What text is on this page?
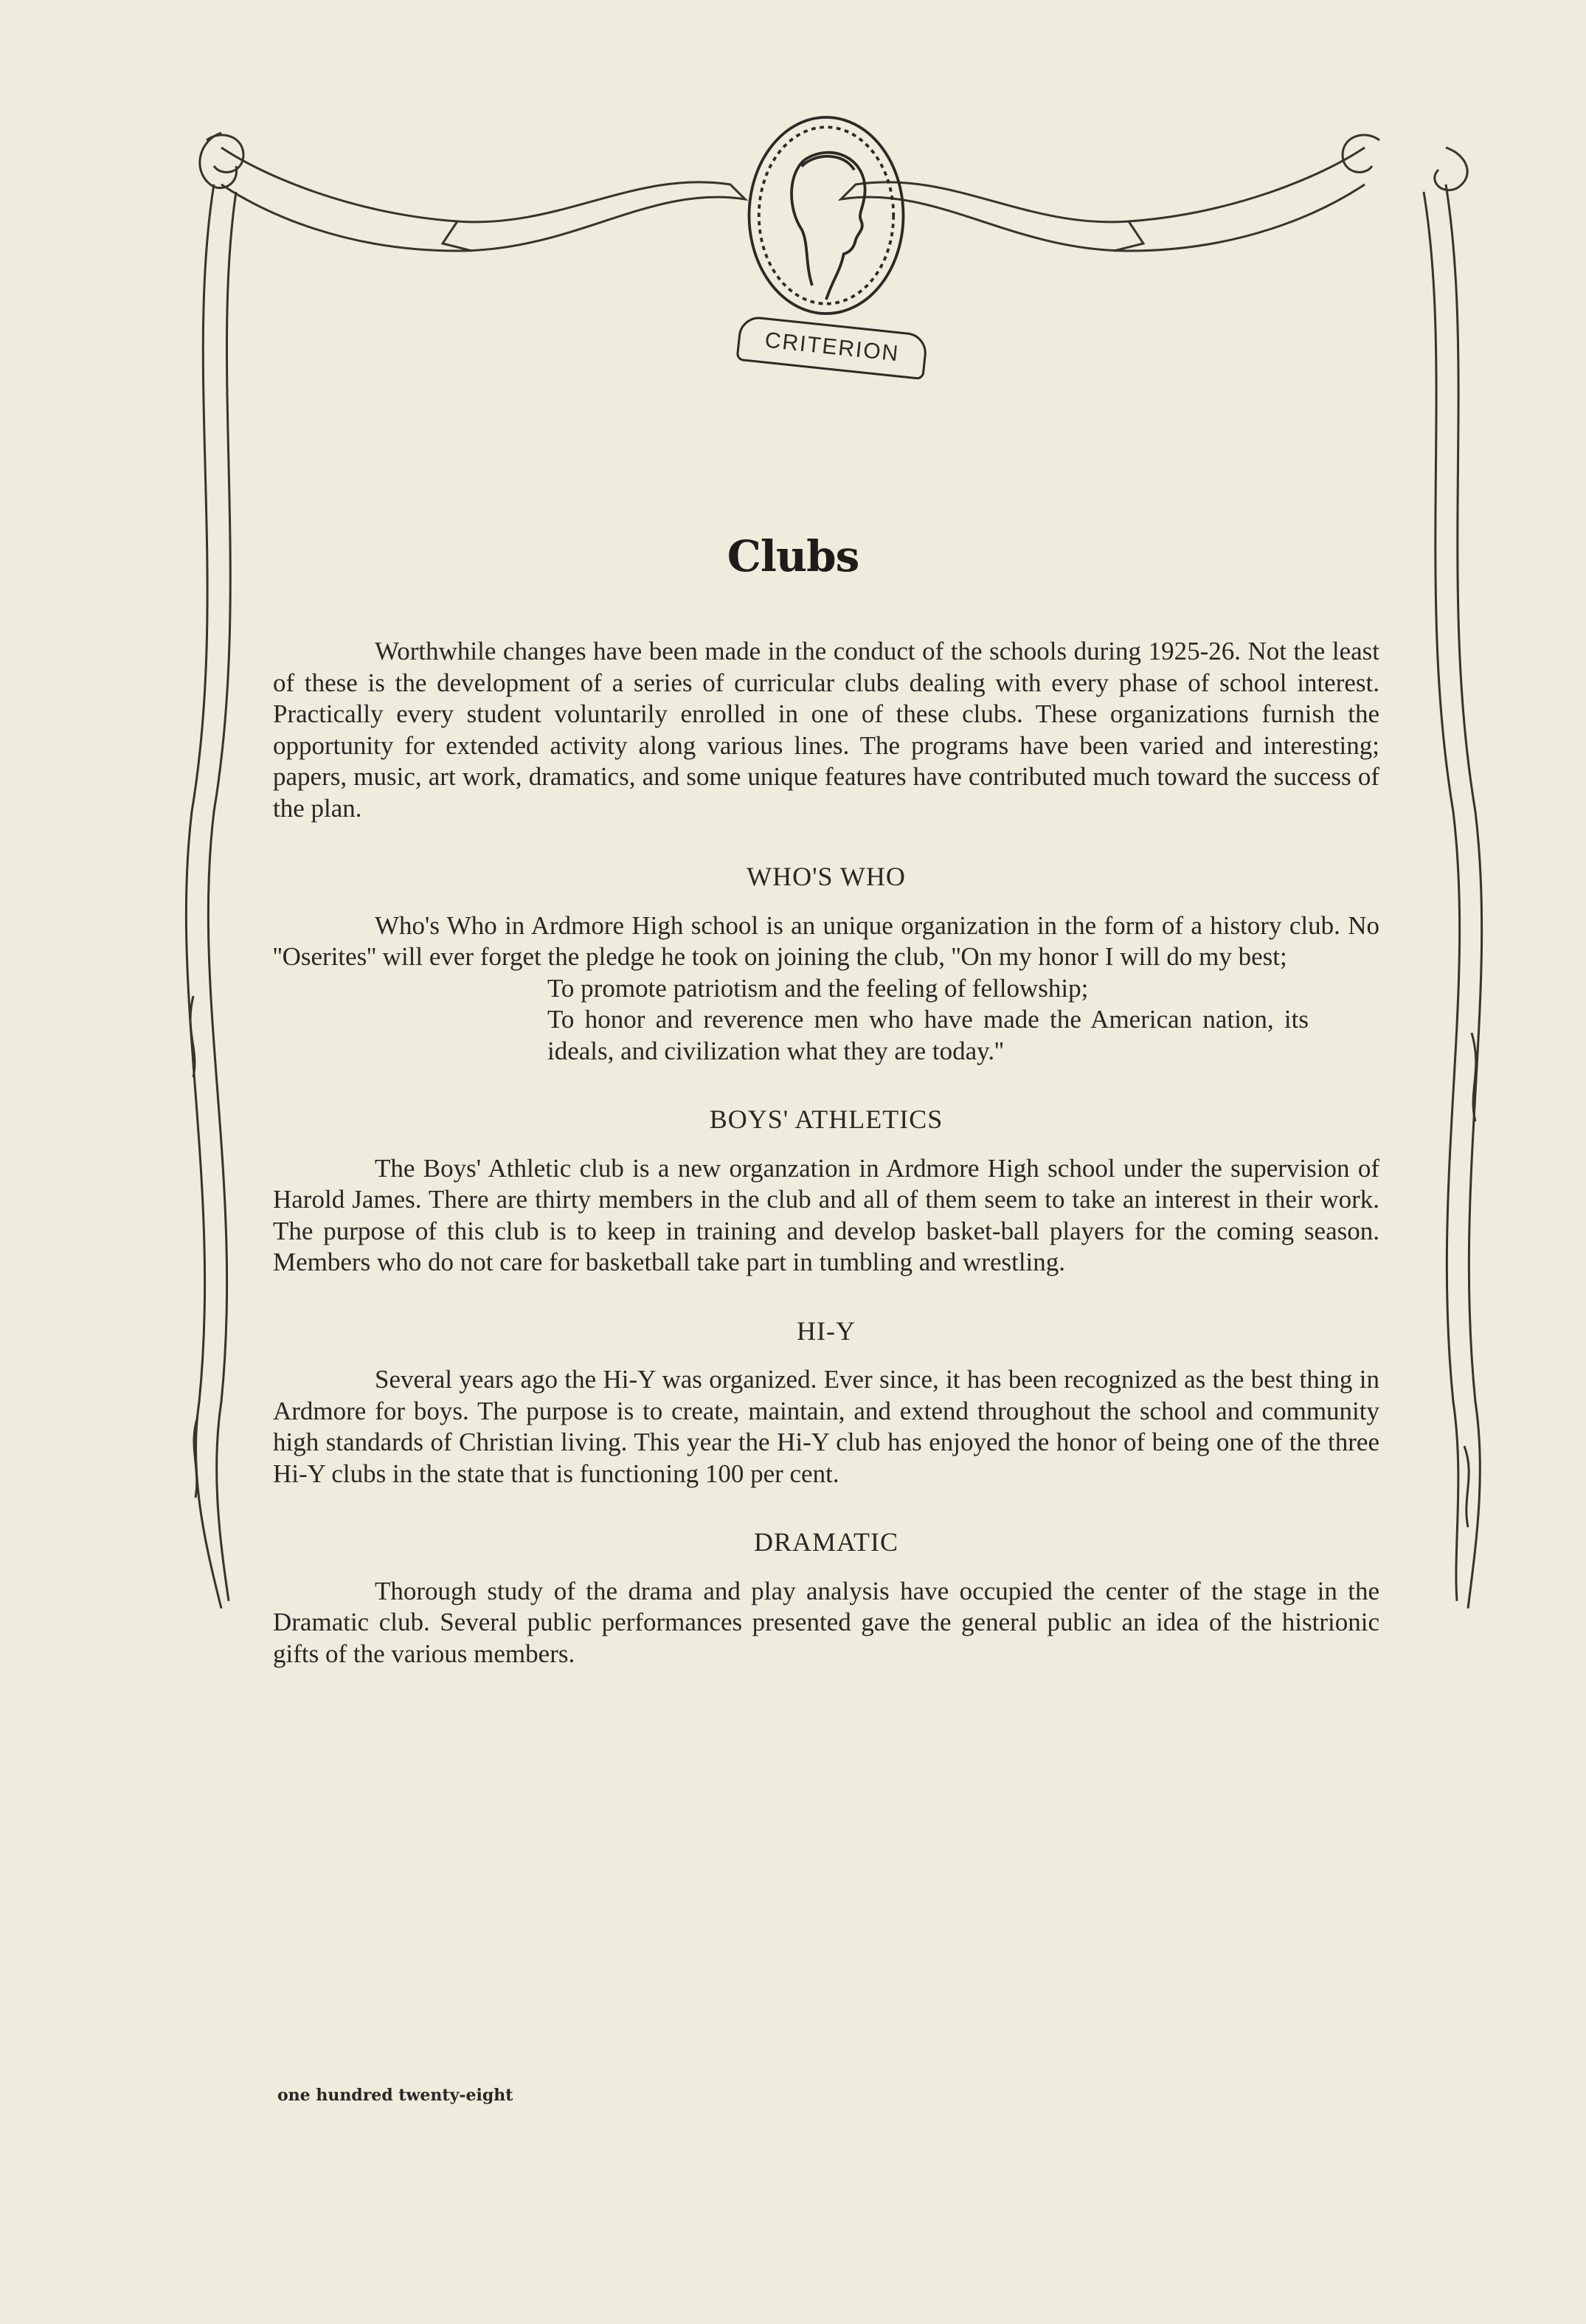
CRITERION
Clubs

Worthwhile changes have been made in the conduct of the schools during 1925-26. Not the least of these is the development of a series of curricular clubs dealing with every phase of school interest. Practically every student voluntarily enrolled in one of these clubs. These organizations furnish the opportunity for extended activity along various lines. The programs have been varied and interesting; papers, music, art work, dramatics, and some unique features have contributed much toward the success of the plan.

WHO'S WHO

Who's Who in Ardmore High school is an unique organization in the form of a history club. No ''Oserites'' will ever forget the pledge he took on joining the club, ''On my honor I will do my best;

To promote patriotism and the feeling of fellowship;
To honor and reverence men who have made the American nation, its ideals, and civilization what they are today.''
BOYS' ATHLETICS

The Boys' Athletic club is a new organzation in Ardmore High school under the supervision of Harold James. There are thirty members in the club and all of them seem to take an interest in their work. The purpose of this club is to keep in training and develop basket-ball players for the coming season. Members who do not care for basketball take part in tumbling and wrestling.

HI-Y

Several years ago the Hi-Y was organized. Ever since, it has been recognized as the best thing in Ardmore for boys. The purpose is to create, maintain, and extend throughout the school and community high standards of Christian living. This year the Hi-Y club has enjoyed the honor of being one of the three Hi-Y clubs in the state that is functioning 100 per cent.

DRAMATIC

Thorough study of the drama and play analysis have occupied the center of the stage in the Dramatic club. Several public performances presented gave the general public an idea of the histrionic gifts of the various members.

one hundred twenty-eight
